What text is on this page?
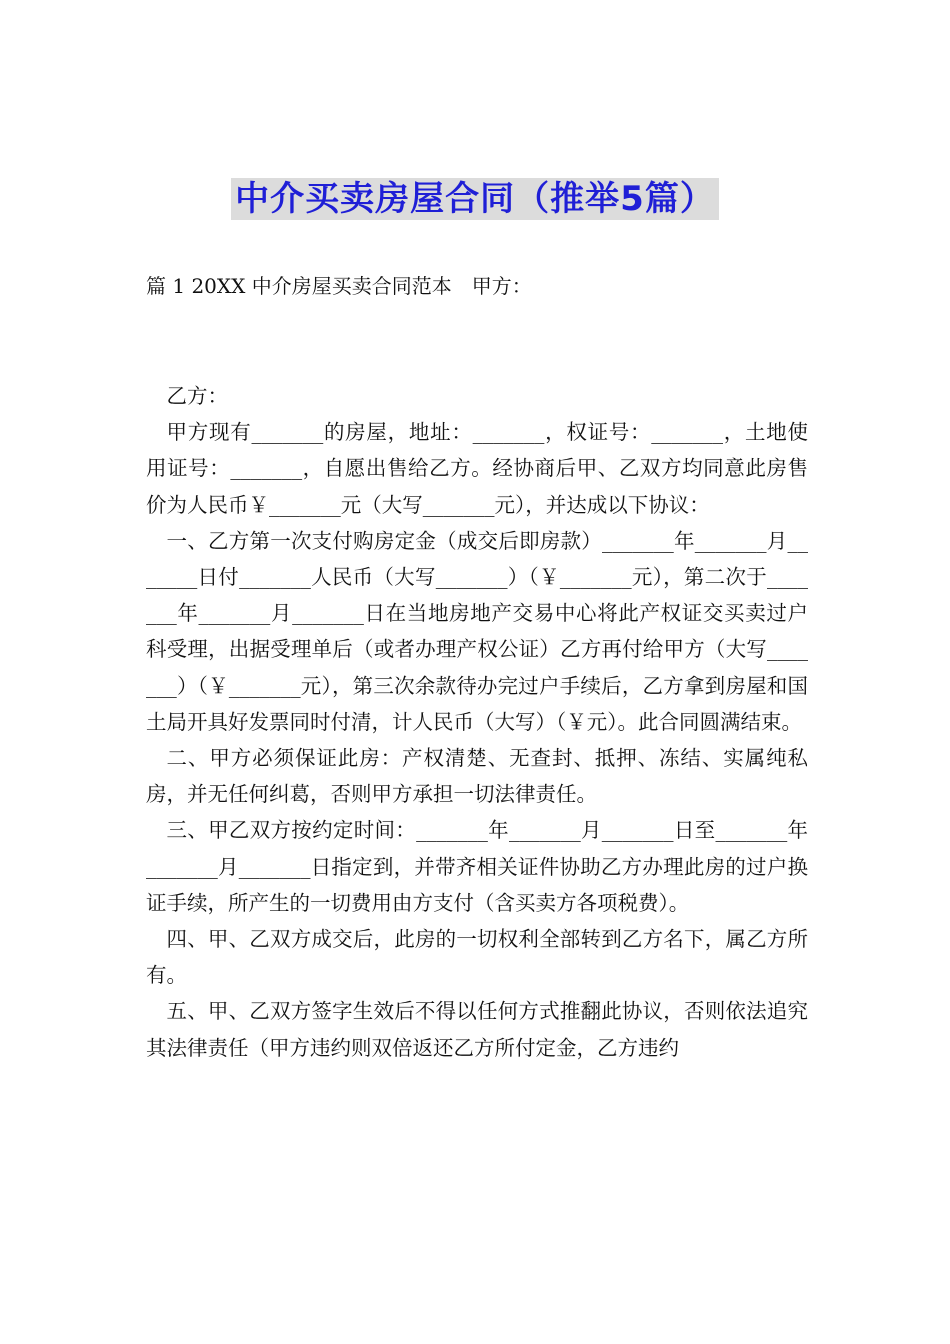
中介买卖房屋合同（推举5篇）
篇 1 20XX 中介房屋买卖合同范本　甲方：

乙方：

甲方现有_______的房屋，地址：_______，权证号：_______，土地使用证号：_______，自愿出售给乙方。经协商后甲、乙双方均同意此房售价为人民币￥_______元（大写_______元），并达成以下协议：

一、乙方第一次支付购房定金（成交后即房款）_______年_______月_______日付_______人民币（大写_______）（￥_______元），第二次于_______年_______月_______日在当地房地产交易中心将此产权证交买卖过户科受理，出据受理单后（或者办理产权公证）乙方再付给甲方（大写_______）（￥_______元），第三次余款待办完过户手续后，乙方拿到房屋和国土局开具好发票同时付清，计人民币（大写）（￥元）。此合同圆满结束。

二、甲方必须保证此房：产权清楚、无查封、抵押、冻结、实属纯私房，并无任何纠葛，否则甲方承担一切法律责任。

三、甲乙双方按约定时间：_______年_______月_______日至_______年_______月_______日指定到，并带齐相关证件协助乙方办理此房的过户换证手续，所产生的一切费用由方支付（含买卖方各项税费）。

四、甲、乙双方成交后，此房的一切权利全部转到乙方名下，属乙方所有。

五、甲、乙双方签字生效后不得以任何方式推翻此协议，否则依法追究其法律责任（甲方违约则双倍返还乙方所付定金，乙方违约
